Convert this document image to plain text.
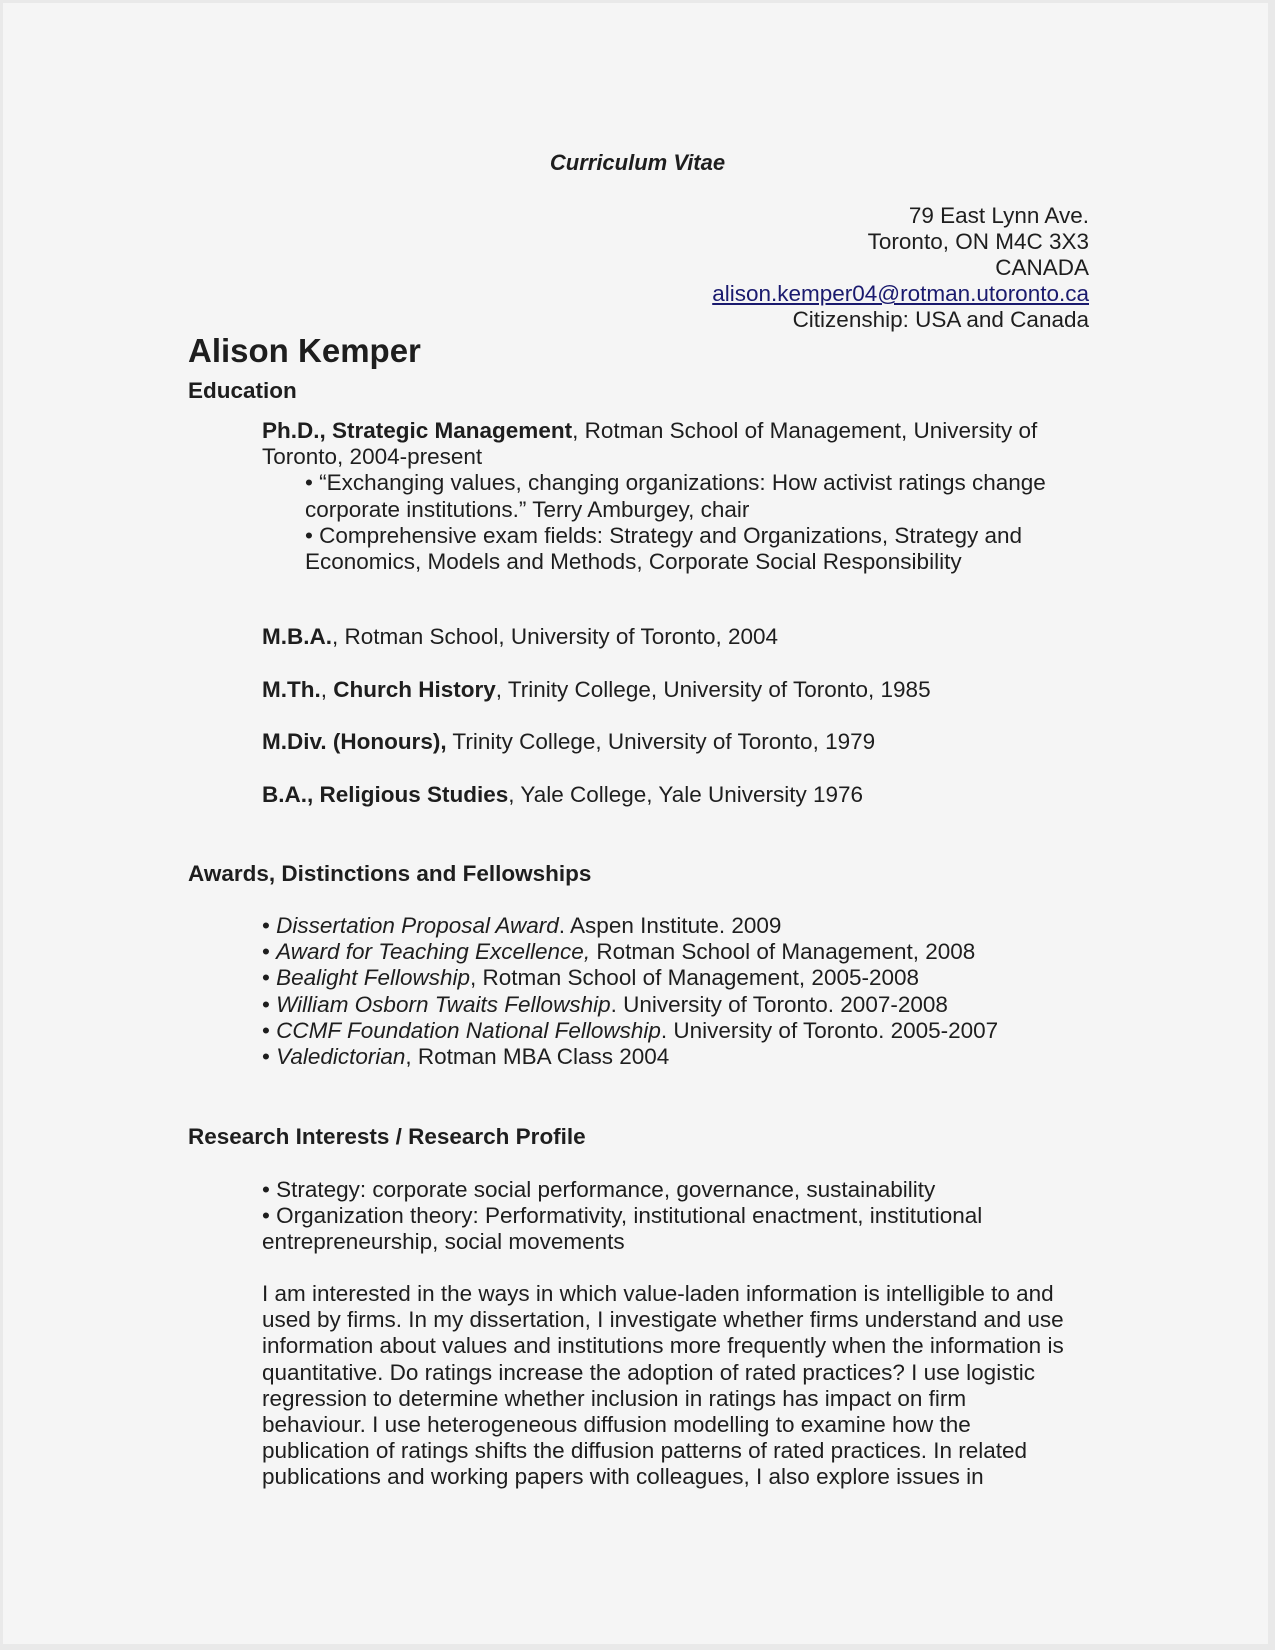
Curriculum Vitae
79 East Lynn Ave.
Toronto, ON M4C 3X3
CANADA
alison.kemper04@rotman.utoronto.ca
Citizenship: USA and Canada
Alison Kemper
Education
Ph.D., Strategic Management, Rotman School of Management, University of
Toronto, 2004-present
• “Exchanging values, changing organizations: How activist ratings change
corporate institutions.” Terry Amburgey, chair
• Comprehensive exam fields: Strategy and Organizations, Strategy and
Economics, Models and Methods, Corporate Social Responsibility
M.B.A., Rotman School, University of Toronto, 2004
M.Th., Church History, Trinity College, University of Toronto, 1985
M.Div. (Honours), Trinity College, University of Toronto, 1979
B.A., Religious Studies, Yale College, Yale University 1976
Awards, Distinctions and Fellowships
• Dissertation Proposal Award. Aspen Institute. 2009
• Award for Teaching Excellence, Rotman School of Management, 2008
• Bealight Fellowship, Rotman School of Management, 2005-2008
• William Osborn Twaits Fellowship. University of Toronto. 2007-2008
• CCMF Foundation National Fellowship. University of Toronto. 2005-2007
• Valedictorian, Rotman MBA Class 2004
Research Interests / Research Profile
• Strategy: corporate social performance, governance, sustainability
• Organization theory: Performativity, institutional enactment, institutional
entrepreneurship, social movements
I am interested in the ways in which value-laden information is intelligible to and
used by firms. In my dissertation, I investigate whether firms understand and use
information about values and institutions more frequently when the information is
quantitative. Do ratings increase the adoption of rated practices? I use logistic
regression to determine whether inclusion in ratings has impact on firm
behaviour. I use heterogeneous diffusion modelling to examine how the
publication of ratings shifts the diffusion patterns of rated practices. In related
publications and working papers with colleagues, I also explore issues in
